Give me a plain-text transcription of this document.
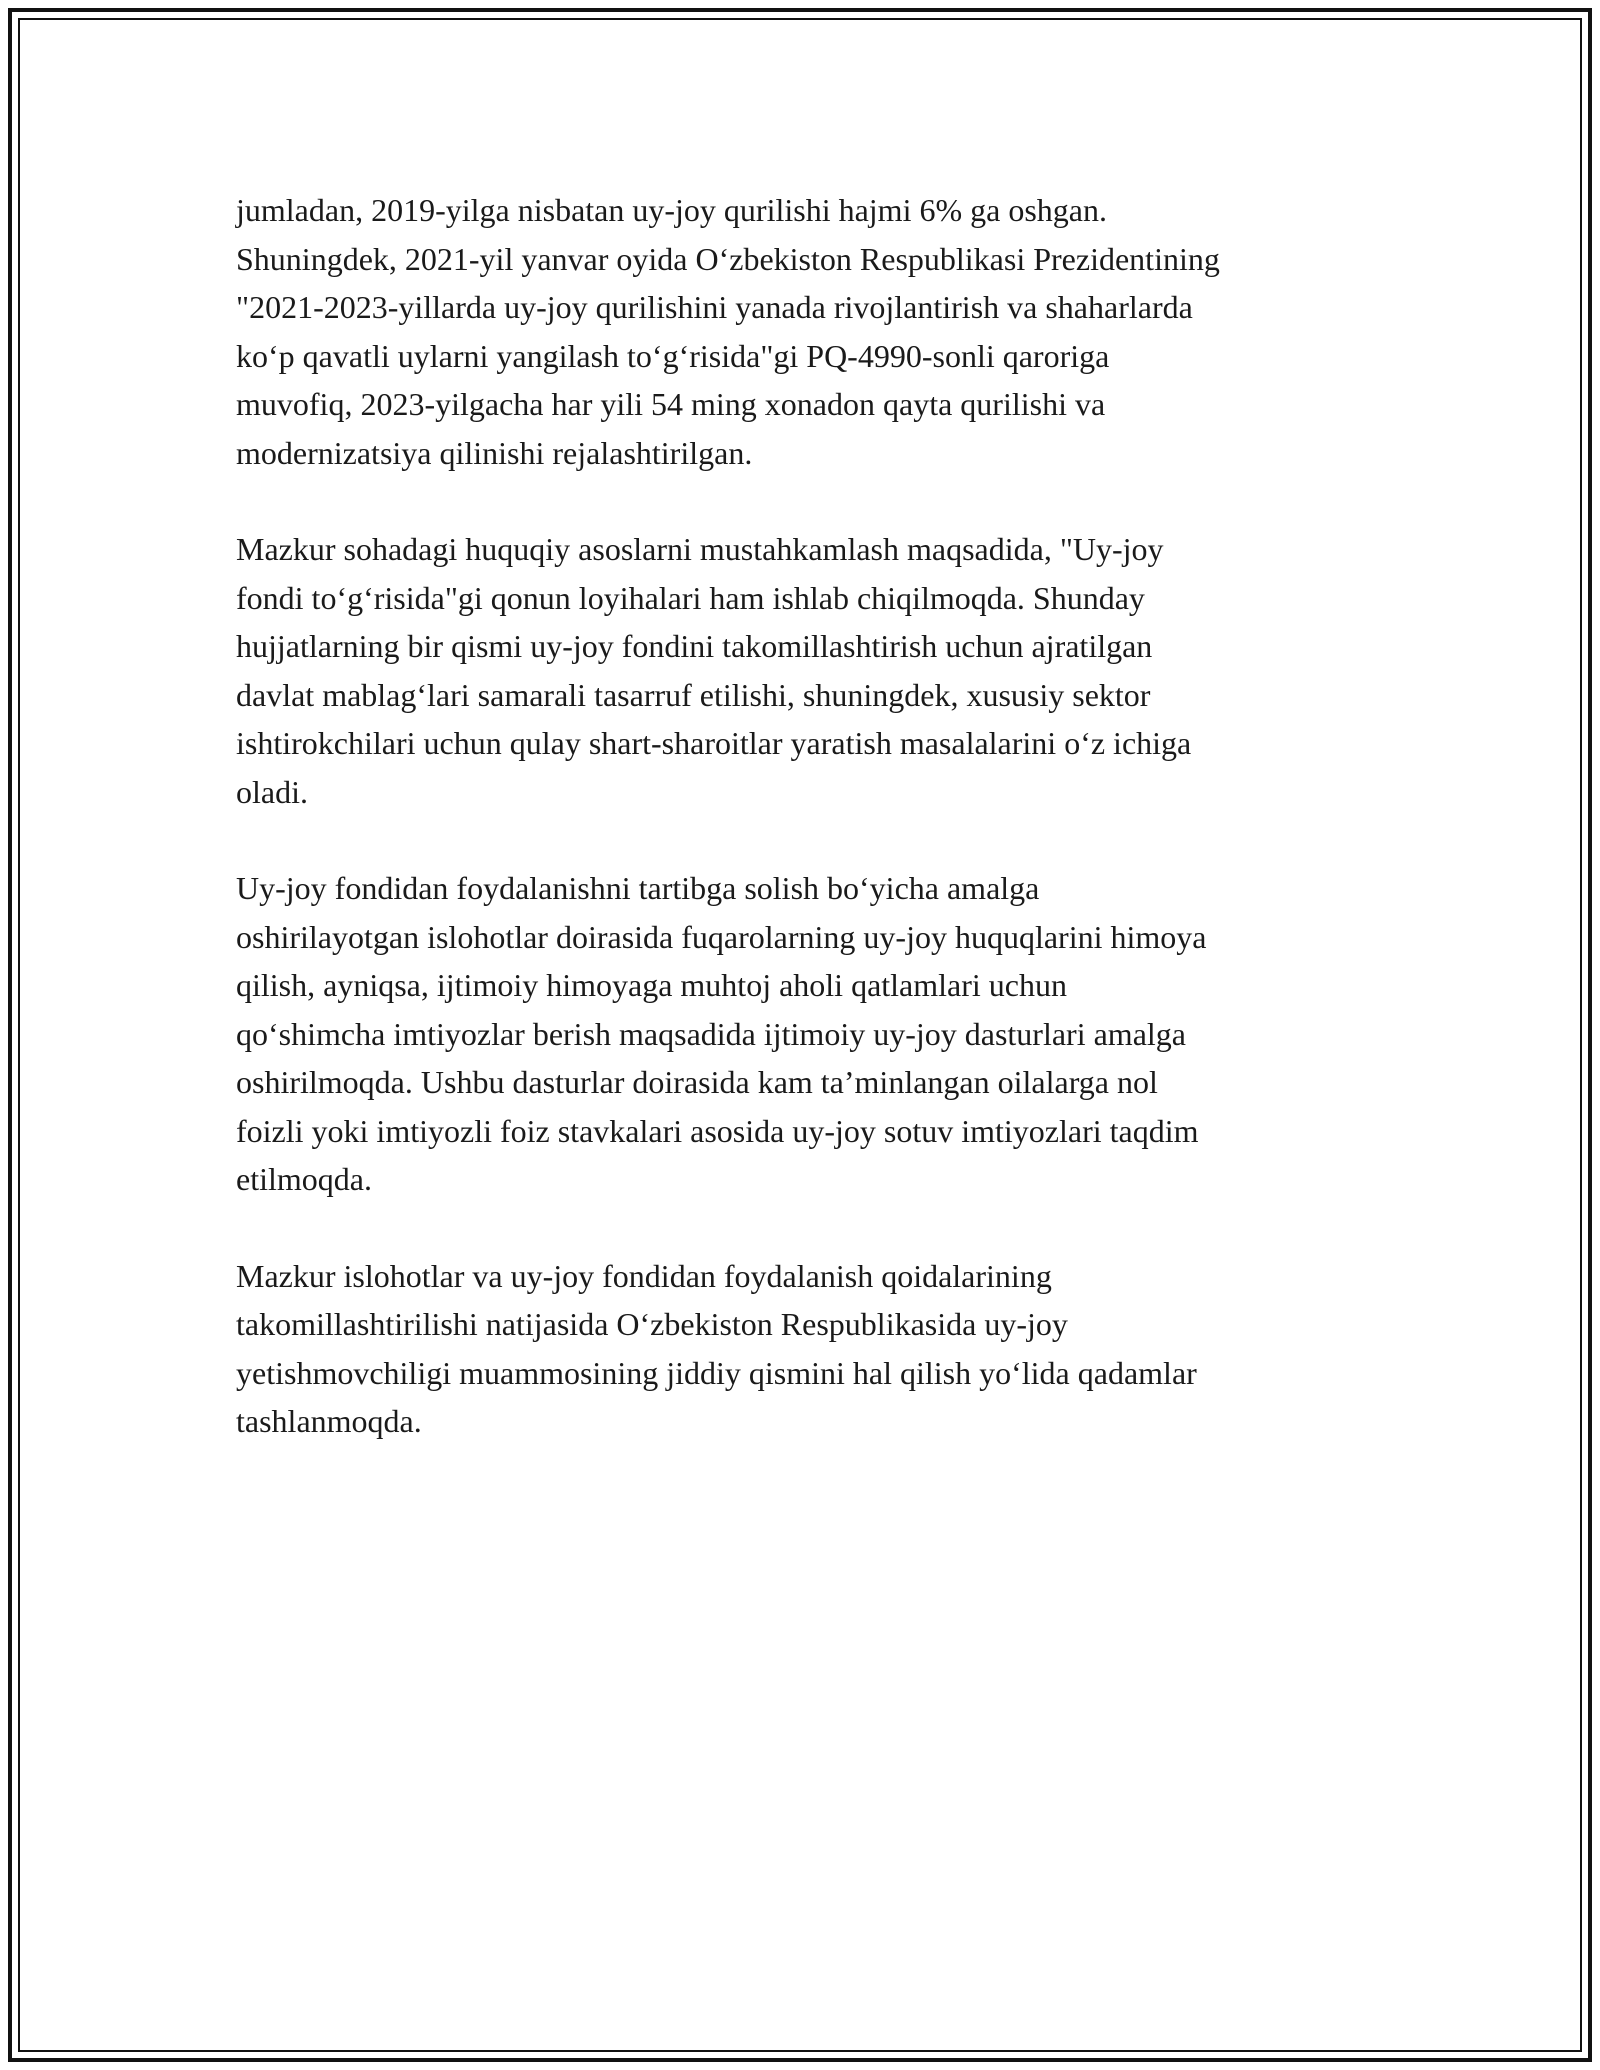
jumladan, 2019-yilga nisbatan uy-joy qurilishi hajmi 6% ga oshgan.
Shuningdek, 2021-yil yanvar oyida O‘zbekiston Respublikasi Prezidentining
"2021-2023-yillarda uy-joy qurilishini yanada rivojlantirish va shaharlarda
ko‘p qavatli uylarni yangilash to‘g‘risida"gi PQ-4990-sonli qaroriga
muvofiq, 2023-yilgacha har yili 54 ming xonadon qayta qurilishi va
modernizatsiya qilinishi rejalashtirilgan.

Mazkur sohadagi huquqiy asoslarni mustahkamlash maqsadida, "Uy-joy
fondi to‘g‘risida"gi qonun loyihalari ham ishlab chiqilmoqda. Shunday
hujjatlarning bir qismi uy-joy fondini takomillashtirish uchun ajratilgan
davlat mablag‘lari samarali tasarruf etilishi, shuningdek, xususiy sektor
ishtirokchilari uchun qulay shart-sharoitlar yaratish masalalarini o‘z ichiga
oladi.

Uy-joy fondidan foydalanishni tartibga solish bo‘yicha amalga
oshirilayotgan islohotlar doirasida fuqarolarning uy-joy huquqlarini himoya
qilish, ayniqsa, ijtimoiy himoyaga muhtoj aholi qatlamlari uchun
qo‘shimcha imtiyozlar berish maqsadida ijtimoiy uy-joy dasturlari amalga
oshirilmoqda. Ushbu dasturlar doirasida kam ta’minlangan oilalarga nol
foizli yoki imtiyozli foiz stavkalari asosida uy-joy sotuv imtiyozlari taqdim
etilmoqda.

Mazkur islohotlar va uy-joy fondidan foydalanish qoidalarining
takomillashtirilishi natijasida O‘zbekiston Respublikasida uy-joy
yetishmovchiligi muammosining jiddiy qismini hal qilish yo‘lida qadamlar
tashlanmoqda.
